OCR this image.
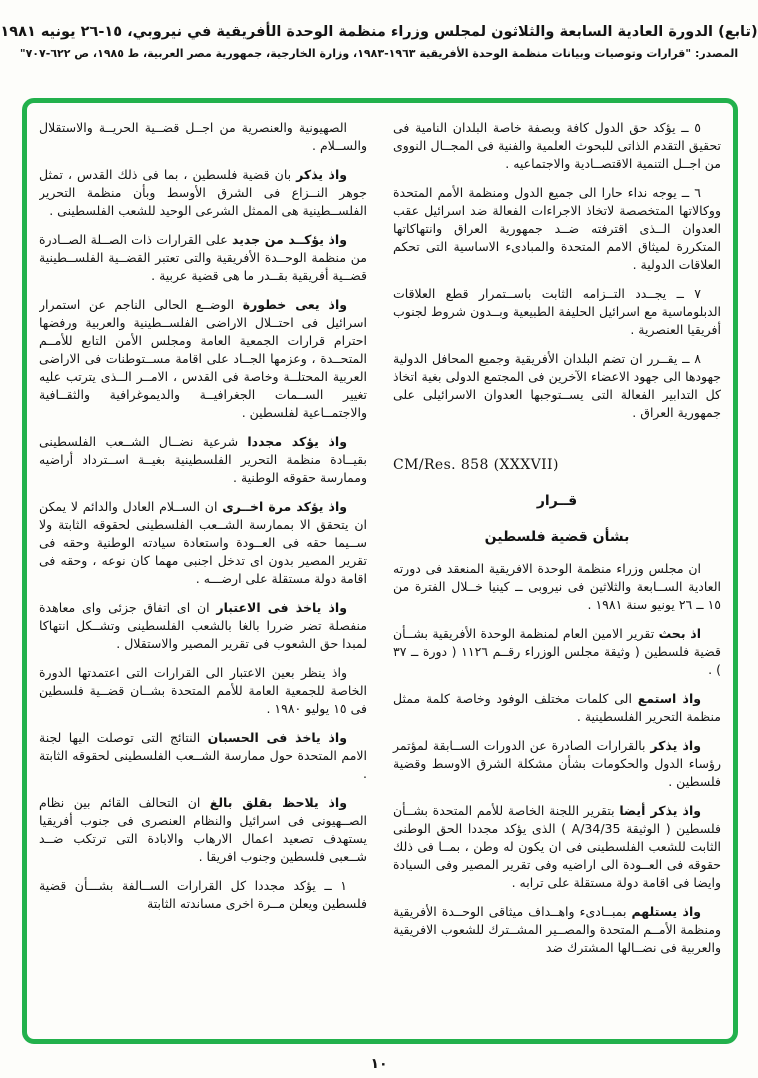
(تابع) الدورة العادية السابعة والثلاثون لمجلس وزراء منظمة الوحدة الأفريقية في نيروبي، ١٥-٢٦ يونيه ١٩٨١
المصدر: "قرارات وتوصيات وبيانات منظمة الوحدة الأفريقية ١٩٦٣-١٩٨٣، وزارة الخارجية، جمهورية مصر العربية، ط ١٩٨٥، ص ٦٢٢-٧٠٧"

٥ ــ يؤكد حق الدول كافة وبصفة خاصة البلدان النامية فى تحقيق التقدم الذاتى للبحوث العلمية والفنية فى المجــال النووى من اجــل التنمية الاقتصــادية والاجتماعيه .

٦ ــ يوجه نداء حارا الى جميع الدول ومنظمة الأمم المتحدة ووكالاتها المتخصصة لاتخاذ الاجراءات الفعالة ضد اسرائيل عقب العدوان الــذى اقترفته ضــد جمهورية العراق وانتهاكاتها المتكررة لميثاق الامم المتحدة والمبادىء الاساسية التى تحكم العلاقات الدولية .

٧ ــ يجــدد التــزامه الثابت باســتمرار قطع العلاقات الدبلوماسية مع اسرائيل الحليفة الطبيعية وبــدون شروط لجنوب أفريقيا العنصرية .

٨ ــ يقــرر ان تضم البلدان الأفريقية وجميع المحافل الدولية جهودها الى جهود الاعضاء الآخرين فى المجتمع الدولى بغية اتخاذ كل التدابير الفعالة التى يســتوجبها العدوان الاسرائيلى على جمهورية العراق .

CM/Res. 858 (XXXVII)

قــرار

بشأن قضية فلسطين

ان مجلس وزراء منظمة الوحدة الافريقية المنعقد فى دورته العادية الســابعة والثلاثين فى نيروبى ــ كينيا خــلال الفترة من ١٥ ــ ٢٦ يونيو سنة ١٩٨١ .

اذ بحث تقرير الامين العام لمنظمة الوحدة الأفريقية بشــأن قضية فلسطين ( وثيقة مجلس الوزراء رقــم ١١٢٦ ( دورة ــ ٣٧ ) .

واذ استمع الى كلمات مختلف الوفود وخاصة كلمة ممثل منظمة التحرير الفلسطينية .

واذ يذكر بالقرارات الصادرة عن الدورات الســابقة لمؤتمر رؤساء الدول والحكومات بشأن مشكلة الشرق الاوسط وقضية فلسطين .

واذ يذكر أيضا بتقرير اللجنة الخاصة للأمم المتحدة بشــأن فلسطين ( الوثيقة A/34/35 ) الذى يؤكد مجددا الحق الوطنى الثابت للشعب الفلسطينى فى ان يكون له وطن ، بمــا فى ذلك حقوقه فى العــودة الى اراضيه وفى تقرير المصير وفى السيادة وايضا فى اقامة دولة مستقلة على ترابه .

واذ يستلهم بمبــادىء واهــداف ميثاقى الوحــدة الأفريقية ومنظمة الأمــم المتحدة والمصــير المشــترك للشعوب الافريقية والعربية فى نضــالها المشترك ضد

الصهيونية والعنصرية من اجــل قضــية الحريــة والاستقلال والســلام .

واذ يذكر بان قضية فلسطين ، بما فى ذلك القدس ، تمثل جوهر النــزاع فى الشرق الأوسط وبأن منظمة التحرير الفلســطينية هى الممثل الشرعى الوحيد للشعب الفلسطينى .

واذ يؤكــد من جديد على القرارات ذات الصــلة الصــادرة من منظمة الوحــدة الأفريقية والتى تعتبر القضــية الفلســطينية قضــية أفريقية بقــدر ما هى قضية عربية .

واذ يعى خطورة الوضــع الحالى الناجم عن استمرار اسرائيل فى احتــلال الاراضى الفلســطينية والعربية ورفضها احترام قرارات الجمعية العامة ومجلس الأمن التابع للأمــم المتحــدة ، وعزمها الجــاد على اقامة مســتوطنات فى الاراضى العربية المحتلــة وخاصة فى القدس ، الامــر الــذى يترتب عليه تغيير الســمات الجغرافيــة والديموغرافية والثقــافية والاجتمــاعية لفلسطين .

واذ يؤكد مجددا شرعية نضــال الشــعب الفلسطينى بقيــادة منظمة التحرير الفلسطينية بغيــة اســترداد أراضيه وممارسة حقوقه الوطنية .

واذ يؤكد مرة اخــرى ان الســلام العادل والدائم لا يمكن ان يتحقق الا بممارسة الشــعب الفلسطينى لحقوقه الثابتة ولا ســيما حقه فى العــودة واستعادة سيادته الوطنية وحقه فى تقرير المصير بدون اى تدخل اجنبى مهما كان نوعه ، وحقه فى اقامة دولة مستقلة على ارضـــه .

واذ ياخذ فى الاعتبار ان اى اتفاق جزئى واى معاهدة منفصلة تضر ضررا بالغا بالشعب الفلسطينى وتشــكل انتهاكا لمبدا حق الشعوب فى تقرير المصير والاستقلال .

واذ ينظر بعين الاعتبار الى القرارات التى اعتمدتها الدورة الخاصة للجمعية العامة للأمم المتحدة بشــان قضــية فلسطين فى ١٥ يوليو ١٩٨٠ .

واذ ياخذ فى الحسبان النتائج التى توصلت اليها لجنة الامم المتحدة حول ممارسة الشــعب الفلسطينى لحقوقه الثابتة .

واذ يلاحظ بقلق بالغ ان التحالف القائم بين نظام الصــهيونى فى اسرائيل والنظام العنصرى فى جنوب أفريقيا يستهدف تصعيد اعمال الارهاب والابادة التى ترتكب ضــد شــعبى فلسطين وجنوب افريقا .

١ ــ يؤكد مجددا كل القرارات الســالفة بشـــأن قضية فلسطين ويعلن مــرة اخرى مساندته الثابتة

١٠
